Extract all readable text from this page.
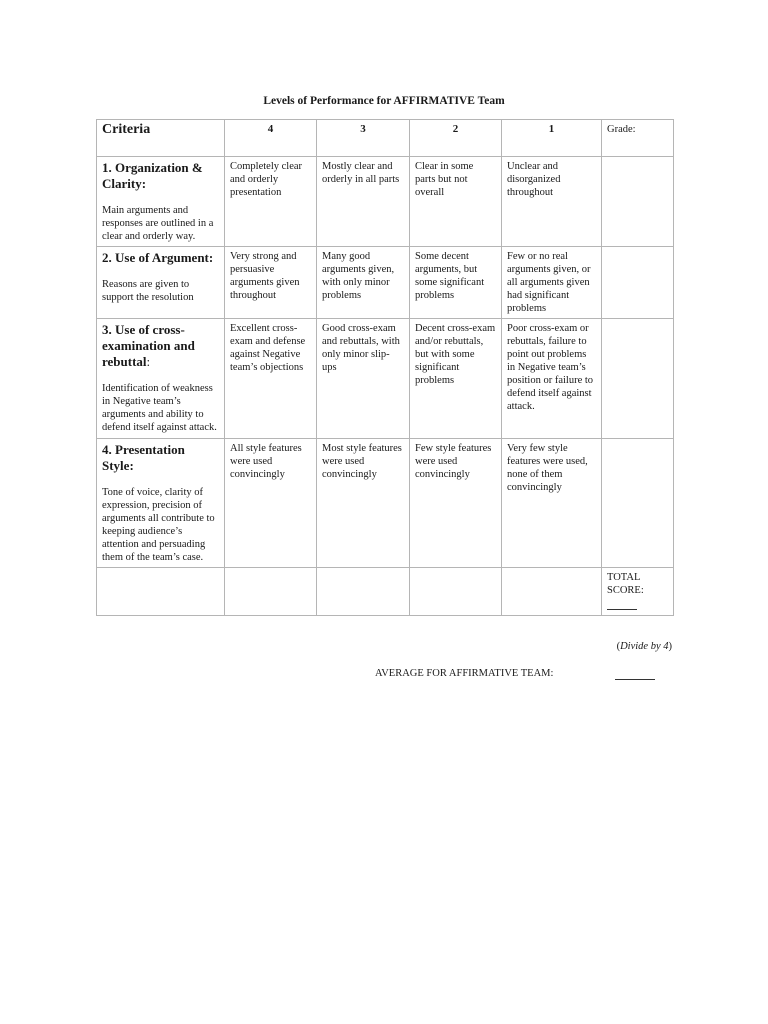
Levels of Performance for AFFIRMATIVE Team
Criteria	4	3	2	1	Grade:

1. Organization & Clarity:
Main arguments and responses are outlined in a clear and orderly way.	Completely clear and orderly presentation	Mostly clear and orderly in all parts	Clear in some parts but not overall	Unclear and disorganized throughout	

2. Use of Argument:
Reasons are given to support the resolution	Very strong and persuasive arguments given throughout	Many good arguments given, with only minor problems	Some decent arguments, but some significant problems	Few or no real arguments given, or all arguments given had significant problems	

3. Use of cross-examination and rebuttal:
Identification of weakness in Negative team’s arguments and ability to defend itself against attack.	Excellent cross-exam and defense against Negative team’s objections	Good cross-exam and rebuttals, with only minor slip-ups	Decent cross-exam and/or rebuttals, but with some significant problems	Poor cross-exam or rebuttals, failure to point out problems in Negative team’s position or failure to defend itself against attack.	

4. Presentation Style:
Tone of voice, clarity of expression, precision of arguments all contribute to keeping audience’s attention and persuading them of the team’s case.	All style features were used convincingly	Most style features were used convincingly	Few style features were used convincingly	Very few style features were used, none of them convincingly	

					TOTAL
SCORE:
(Divide by 4)
AVERAGE FOR AFFIRMATIVE TEAM:
